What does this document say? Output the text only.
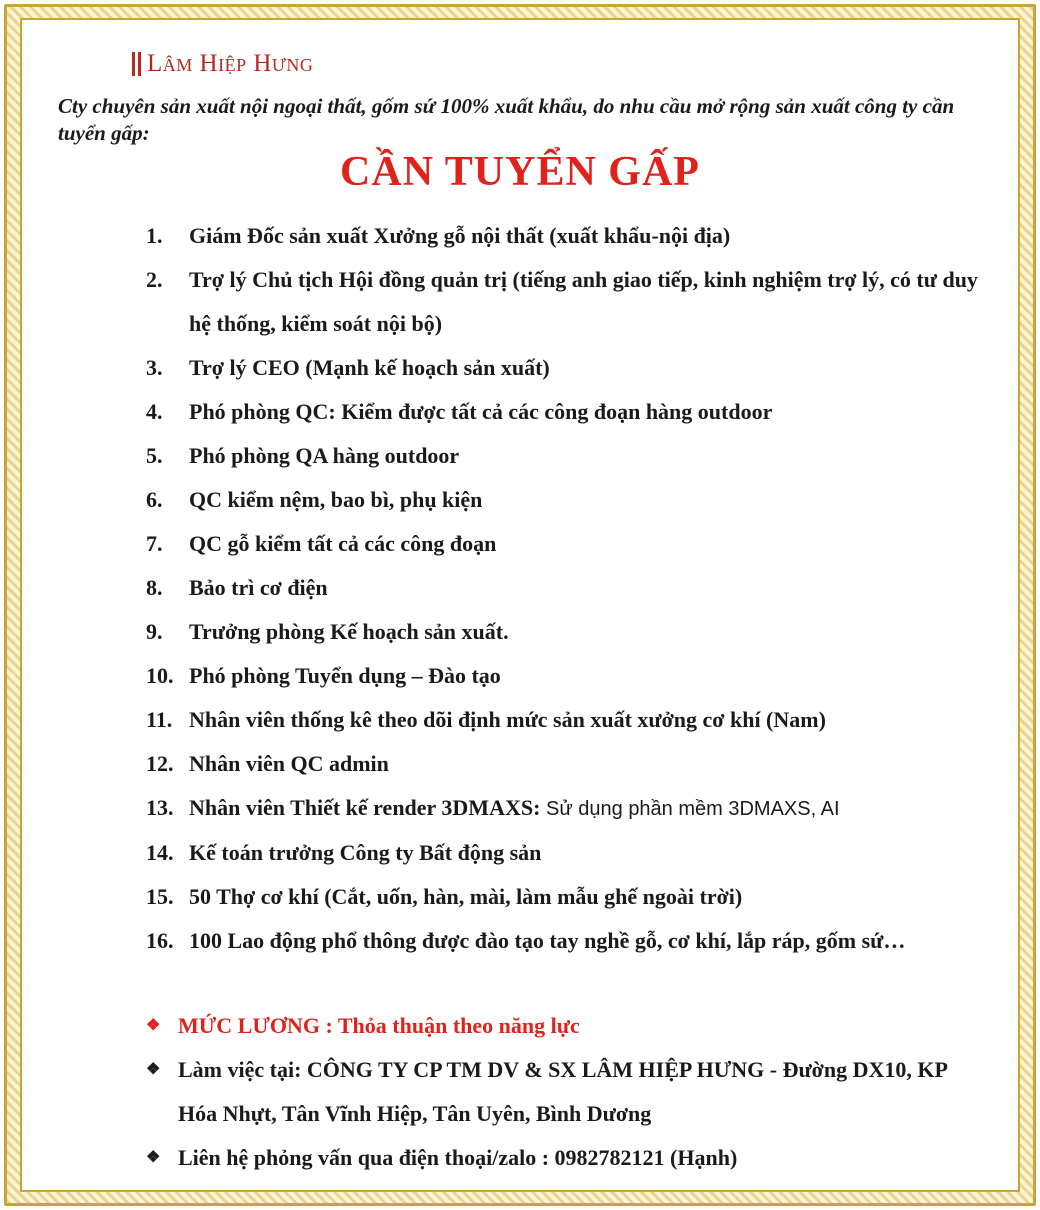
Lâm Hiệp Hưng

Cty chuyên sản xuất nội ngoại thất, gốm sứ 100% xuất khẩu, do nhu cầu mở rộng sản xuất công ty cần tuyển gấp:

CẦN TUYỂN GẤP
1.	Giám Đốc sản xuất Xưởng gỗ nội thất (xuất khẩu-nội địa)
2.	Trợ lý Chủ tịch Hội đồng quản trị (tiếng anh giao tiếp, kinh nghiệm trợ lý, có tư duy hệ thống, kiểm soát nội bộ)
3.	Trợ lý CEO (Mạnh kế hoạch sản xuất)
4.	Phó phòng QC: Kiểm được tất cả các công đoạn hàng outdoor
5.	Phó phòng QA hàng outdoor
6.	QC kiểm nệm, bao bì, phụ kiện
7.	QC gỗ kiểm tất cả các công đoạn
8.	Bảo trì cơ điện
9.	Trưởng phòng Kế hoạch sản xuất.
10. Phó phòng Tuyển dụng – Đào tạo
11. Nhân viên thống kê theo dõi định mức sản xuất xưởng cơ khí (Nam)
12. Nhân viên QC admin
13. Nhân viên Thiết kế render 3DMAXS: Sử dụng phần mềm 3DMAXS, AI
14. Kế toán trưởng Công ty Bất động sản
15. 50 Thợ cơ khí (Cắt, uốn, hàn, mài, làm mẫu ghế ngoài trời)
16. 100 Lao động phổ thông được đào tạo tay nghề gỗ, cơ khí, lắp ráp, gốm sứ…
❖ MỨC LƯƠNG : Thỏa thuận theo năng lực
❖ Làm việc tại: CÔNG TY CP TM DV & SX LÂM HIỆP HƯNG - Đường DX10, KP Hóa Nhựt, Tân Vĩnh Hiệp, Tân Uyên, Bình Dương
❖ Liên hệ phỏng vấn qua điện thoại/zalo : 0982782121 (Hạnh)
